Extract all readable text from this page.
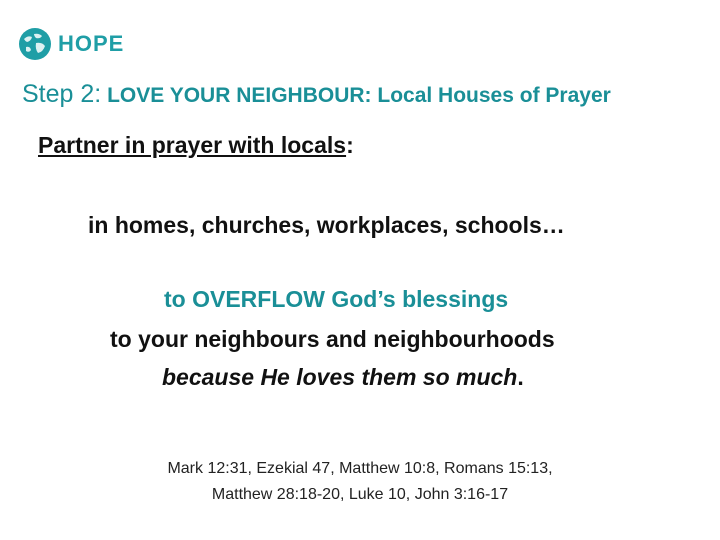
HOPE
Step 2: LOVE YOUR NEIGHBOUR: Local Houses of Prayer
Partner in prayer with locals:
in homes, churches, workplaces, schools…
to OVERFLOW God’s blessings
to your neighbours and neighbourhoods
because He loves them so much.
Mark 12:31, Ezekial 47, Matthew 10:8, Romans 15:13,
Matthew 28:18-20, Luke 10, John 3:16-17
